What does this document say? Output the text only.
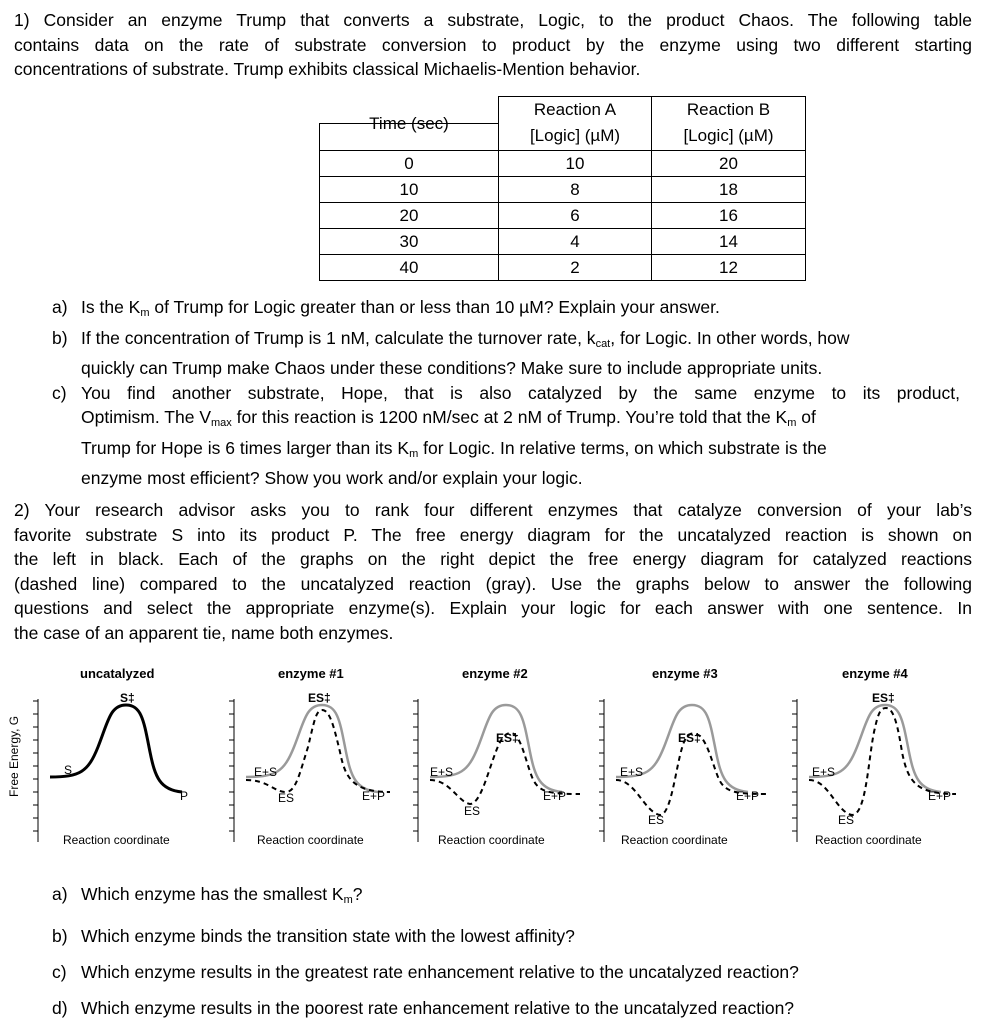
1) Consider an enzyme Trump that converts a substrate, Logic, to the product Chaos. The following table
contains data on the rate of substrate conversion to product by the enzyme using two different starting
concentrations of substrate. Trump exhibits classical Michaelis-Mention behavior.
	Reaction A	Reaction B
Time (sec)	[Logic] (µM)	[Logic] (µM)
0	10	20
10	8	18
20	6	16
30	4	14
40	2	12
a) Is the $K_m$ of Trump for Logic greater than or less than 10 µM? Explain your answer.
b) If the concentration of Trump is 1 nM, calculate the turnover rate, $k_{cat}$, for Logic. In other words, how
quickly can Trump make Chaos under these conditions? Make sure to include appropriate units.
c) You find another substrate, Hope, that is also catalyzed by the same enzyme to its product,
Optimism. The $V_{max}$ for this reaction is 1200 nM/sec at 2 nM of Trump. You’re told that the $K_m$ of
Trump for Hope is 6 times larger than its $K_m$ for Logic. In relative terms, on which substrate is the
enzyme most efficient? Show you work and/or explain your logic.
2) Your research advisor asks you to rank four different enzymes that catalyze conversion of your lab’s
favorite substrate S into its product P. The free energy diagram for the uncatalyzed reaction is shown on
the left in black. Each of the graphs on the right depict the free energy diagram for catalyzed reactions
(dashed line) compared to the uncatalyzed reaction (gray). Use the graphs below to answer the following
questions and select the appropriate enzyme(s). Explain your logic for each answer with one sentence. In
the case of an apparent tie, name both enzymes.
Free Energy, G
uncatalyzed
S‡
S
P
Reaction coordinate
enzyme #1
ES‡
E+S
ES	E+P
Reaction coordinate
enzyme #2
ES‡
E+S
ES
E+P
Reaction coordinate
enzyme #3
ES‡
E+S
ES
E+P
Reaction coordinate
enzyme #4
ES‡
E+S
ES
E+P
Reaction coordinate
a) Which enzyme has the smallest $K_m$?
b) Which enzyme binds the transition state with the lowest affinity?
c) Which enzyme results in the greatest rate enhancement relative to the uncatalyzed reaction?
d) Which enzyme results in the poorest rate enhancement relative to the uncatalyzed reaction?
